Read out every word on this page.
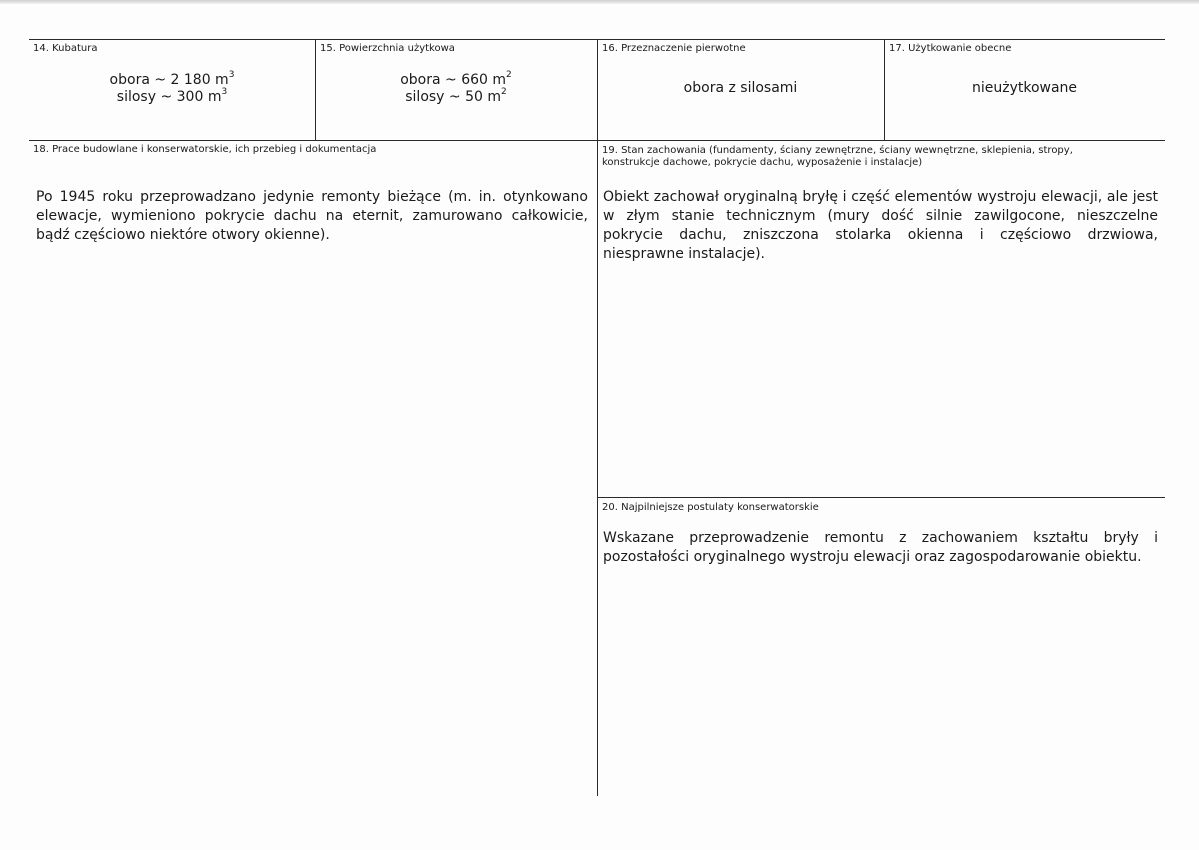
14. Kubatura
obora ~ 2 180 $m^3$
silosy ~ 300 $m^3$
15. Powierzchnia użytkowa
obora ~ 660 $m^2$
silosy ~ 50 $m^2$
16. Przeznaczenie pierwotne
obora z silosami
17. Użytkowanie obecne
nieużytkowane
18. Prace budowlane i konserwatorskie, ich przebieg i dokumentacja
Po 1945 roku przeprowadzano jedynie remonty bieżące (m. in. otynkowano elewacje, wymieniono pokrycie dachu na eternit, zamurowano całkowicie, bądź częściowo niektóre otwory okienne).
19. Stan zachowania (fundamenty, ściany zewnętrzne, ściany wewnętrzne, sklepienia, stropy, konstrukcje dachowe, pokrycie dachu, wyposażenie i instalacje)
Obiekt zachował oryginalną bryłę i część elementów wystroju elewacji, ale jest w złym stanie technicznym (mury dość silnie zawilgocone, nieszczelne pokrycie dachu, zniszczona stolarka okienna i częściowo drzwiowa, niesprawne instalacje).
20. Najpilniejsze postulaty konserwatorskie
Wskazane przeprowadzenie remontu z zachowaniem kształtu bryły i pozostałości oryginalnego wystroju elewacji oraz zagospodarowanie obiektu.
